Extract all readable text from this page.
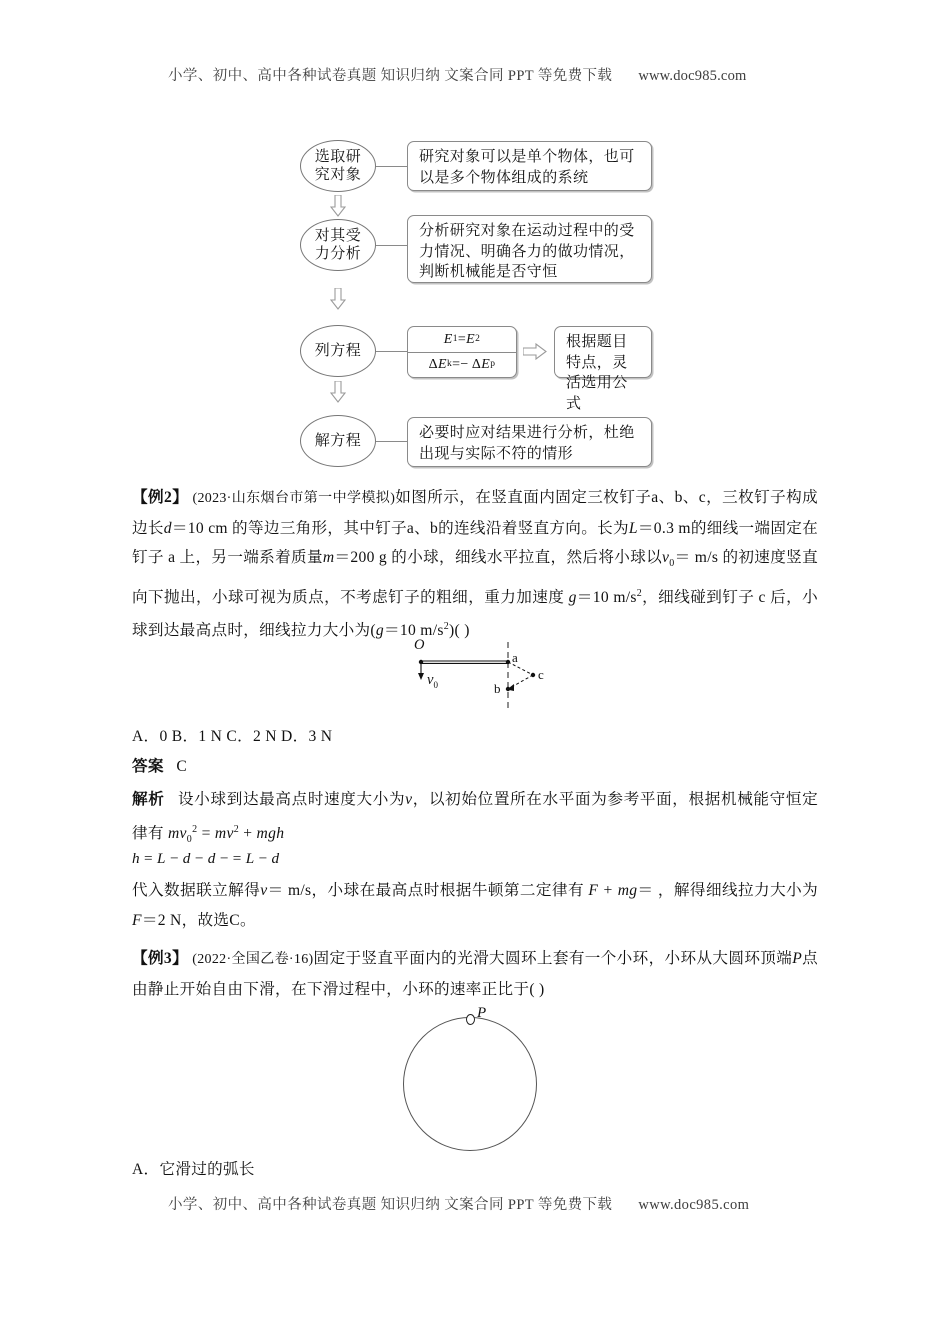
小学、初中、高中各种试卷真题 知识归纳 文案合同 PPT 等免费下载 www.doc985.com
选取研
究对象
研究对象可以是单个物体，也可以是多个物体组成的系统
对其受
力分析
分析研究对象在运动过程中的受力情况、明确各力的做功情况，判断机械能是否守恒
列方程
E 1 = E 2
Δ E k =− Δ E p
根据题目特点，灵活选用公式
解方程	必要时应对结果进行分析，杜绝出现与实际不符的情形
【例2】 (2023·山东烟台市第一中学模拟)如图所示，在竖直面内固定三枚钉子a、b、c，三枚钉子构成边长d＝10 cm 的等边三角形，其中钉子a、b的连线沿着竖直方向。长为L＝0.3 m的细线一端固定在钉子 a 上，另一端系着质量m＝200 g 的小球，细线水平拉直，然后将小球以$v_0= m/s$ 的初速度竖直向下抛出，小球可视为质点，不考虑钉子的粗细，重力加速度 g＝10 $m/s^2$，细线碰到钉子 c 后，小球到达最高点时，细线拉力大小为(g＝10 $m/s^2$)( )
O
$v_0$
a
b
c
A．0 B．1 N C．2 N D．3 N
答案 C
解析 设小球到达最高点时速度大小为v，以初始位置所在水平面为参考平面，根据机械能守恒定律有 $mv_0^2 = mv^2$ + mgh
h = L − d − d − = L − d
代入数据联立解得v＝ m/s，小球在最高点时根据牛顿第二定律有 F + mg＝ ，解得细线拉力大小为F＝2 N，故选C。
【例3】 (2022·全国乙卷·16)固定于竖直平面内的光滑大圆环上套有一个小环，小环从大圆环顶端P点由静止开始自由下滑，在下滑过程中，小环的速率正比于( )
P
A．它滑过的弧长
小学、初中、高中各种试卷真题 知识归纳 文案合同 PPT 等免费下载 www.doc985.com
